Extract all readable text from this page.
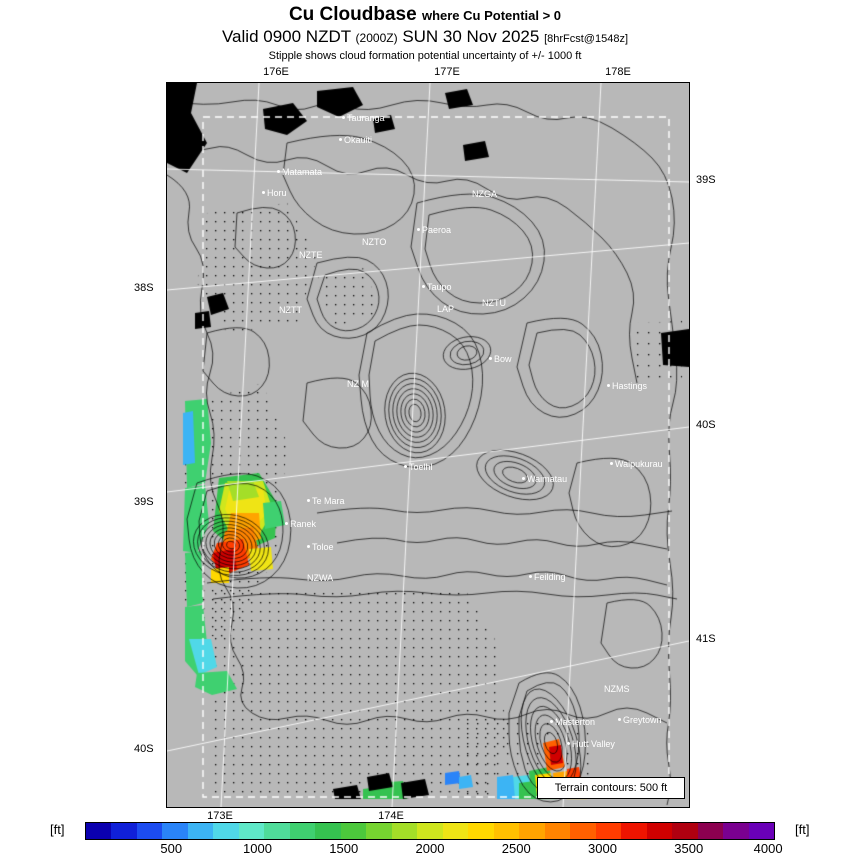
Cu Cloudbase where Cu Potential > 0
Valid 0900 NZDT (2000Z) SUN 30 Nov 2025 [8hrFcst@1548z]
Stipple shows cloud formation potential uncertainty of +/- 1000 ft
Tauranga
Okauiti
Matamata
Horu	NZGA
Paeroa
NZTO
NZTE
Taupo
LAP
NZTU
NZTT
Bow
NZ M	Hastings
Toelhl	Waipukurau
Waimatau
Te Mara
Ranek
Toloe
NZWA	Feilding
NZMS
Greytown
Masterton
Hutt Valley
Terrain contours: 500 ft
176E	177E	178E
173E	174E
38S
39S
40S
39S
40S
41S
[ft]	[ft]
500	1000	1500	2000	2500	3000	3500	4000
